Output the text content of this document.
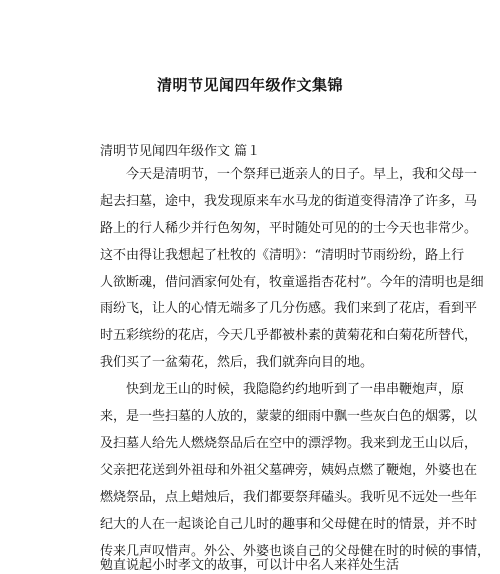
清明节见闻四年级作文集锦

清明节见闻四年级作文 篇１

今天是清明节，一个祭拜已逝亲人的日子。早上，我和父母一

起去扫墓，途中，我发现原来车水马龙的街道变得清净了许多，马

路上的行人稀少并行色匆匆，平时随处可见的的士今天也非常少。

这不由得让我想起了杜牧的《清明》：“清明时节雨纷纷，路上行

人欲断魂，借问酒家何处有，牧童遥指杏花村”。今年的清明也是细

雨纷飞，让人的心情无端多了几分伤感。我们来到了花店，看到平

时五彩缤纷的花店，今天几乎都被朴素的黄菊花和白菊花所替代，

我们买了一盆菊花，然后，我们就奔向目的地。

快到龙王山的时候，我隐隐约约地听到了一串串鞭炮声，原

来，是一些扫墓的人放的，蒙蒙的细雨中飘一些灰白色的烟雾，以

及扫墓人给先人燃烧祭品后在空中的漂浮物。我来到龙王山以后，

父亲把花送到外祖母和外祖父墓碑旁，姨妈点燃了鞭炮，外婆也在

燃烧祭品，点上蜡烛后，我们都要祭拜磕头。我听见不远处一些年

纪大的人在一起谈论自己儿时的趣事和父母健在时的情景，并不时

传来几声叹惜声。外公、外婆也谈自己的父母健在时的时候的事情，

勉直说起小时孝文的故事，可以计中名人来祥处生活
